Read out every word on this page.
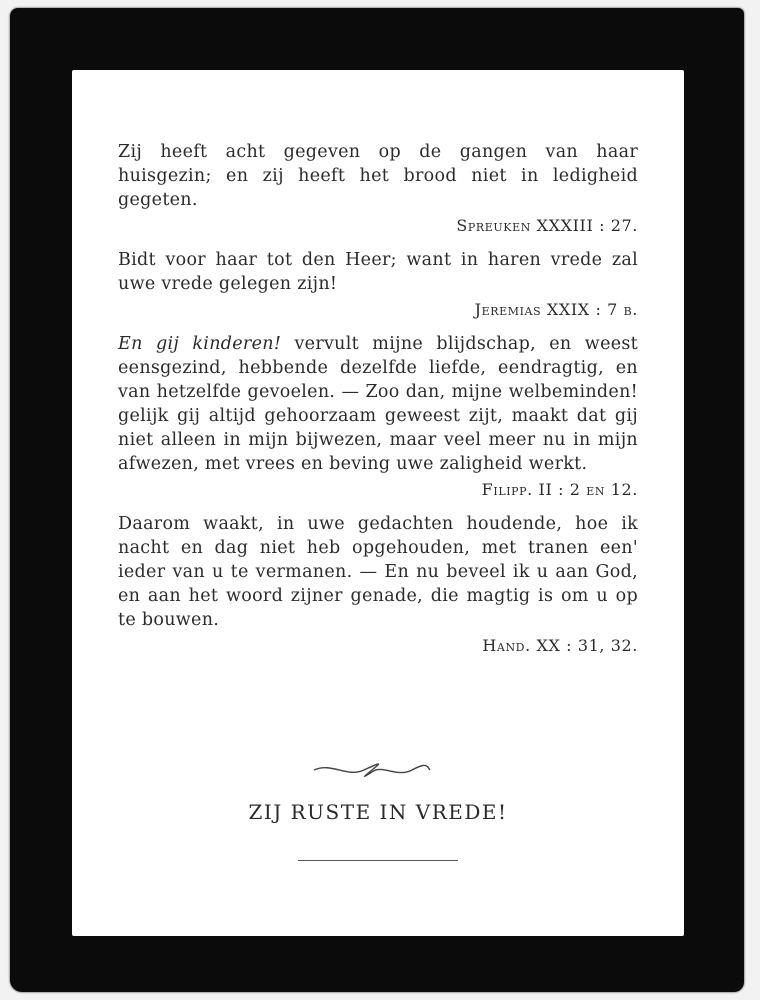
Zij heeft acht gegeven op de gangen van haar huisgezin; en zij heeft het brood niet in ledigheid gegeten.

Spreuken XXXIII : 27.

Bidt voor haar tot den Heer; want in haren vrede zal uwe vrede gelegen zijn!

Jeremias XXIX : 7 b.

En gij kinderen! vervult mijne blijdschap, en weest eensgezind, hebbende dezelfde liefde, eendragtig, en van hetzelfde gevoelen. — Zoo dan, mijne welbeminden! gelijk gij altijd gehoorzaam geweest zijt, maakt dat gij niet alleen in mijn bijwezen, maar veel meer nu in mijn afwezen, met vrees en beving uwe zaligheid werkt.

Filipp. II : 2 en 12.

Daarom waakt, in uwe gedachten houdende, hoe ik nacht en dag niet heb opgehouden, met tranen een' ieder van u te vermanen. — En nu beveel ik u aan God, en aan het woord zijner genade, die magtig is om u op te bouwen.

Hand. XX : 31, 32.
ZIJ RUSTE IN VREDE!
